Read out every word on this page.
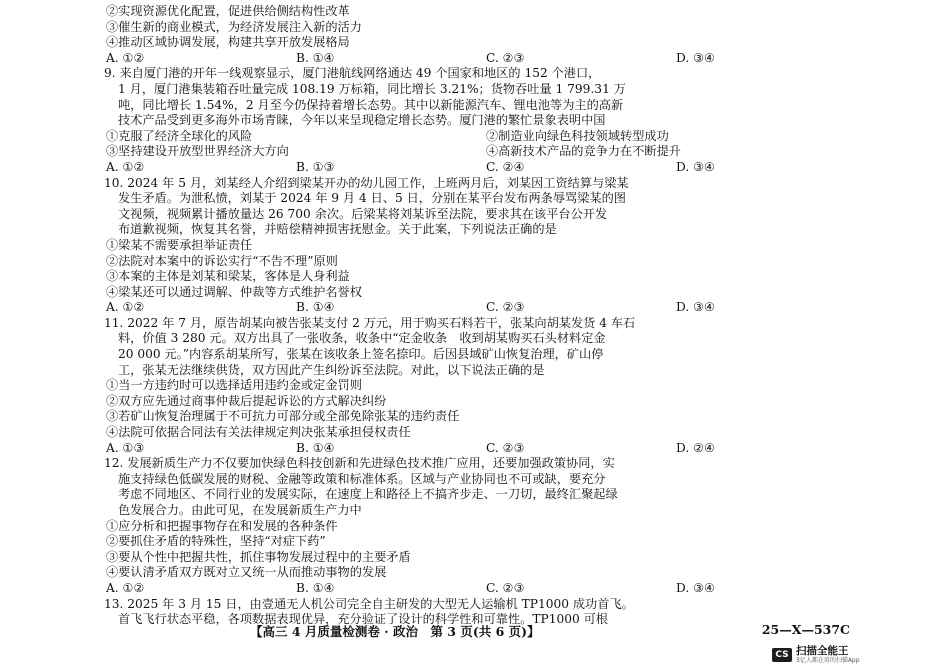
②实现资源优化配置，促进供给侧结构性改革
③催生新的商业模式，为经济发展注入新的活力
④推动区域协调发展，构建共享开放发展格局
A. ①②	B. ①④	C. ②③	D. ③④
9. 来自厦门港的开年一线观察显示，厦门港航线网络通达 49 个国家和地区的 152 个港口，
1 月，厦门港集装箱吞吐量完成 108.19 万标箱，同比增长 3.21%；货物吞吐量 1 799.31 万
吨，同比增长 1.54%，2 月至今仍保持着增长态势。其中以新能源汽车、锂电池等为主的高新
技术产品受到更多海外市场青睐，今年以来呈现稳定增长态势。厦门港的繁忙景象表明中国
①克服了经济全球化的风险	②制造业向绿色科技领域转型成功
③坚持建设开放型世界经济大方向	④高新技术产品的竞争力在不断提升
A. ①②	B. ①③	C. ②④	D. ③④
10. 2024 年 5 月，刘某经人介绍到梁某开办的幼儿园工作，上班两月后，刘某因工资结算与梁某
发生矛盾。为泄私愤，刘某于 2024 年 9 月 4 日、5 日，分别在某平台发布两条辱骂梁某的图
文视频，视频累计播放量达 26 700 余次。后梁某将刘某诉至法院，要求其在该平台公开发
布道歉视频，恢复其名誉，并赔偿精神损害抚慰金。关于此案，下列说法正确的是
①梁某不需要承担举证责任
②法院对本案中的诉讼实行“不告不理”原则
③本案的主体是刘某和梁某，客体是人身利益
④梁某还可以通过调解、仲裁等方式维护名誉权
A. ①②	B. ①④	C. ②③	D. ③④
11. 2022 年 7 月，原告胡某向被告张某支付 2 万元，用于购买石料若干，张某向胡某发货 4 车石
料，价值 3 280 元。双方出具了一张收条，收条中“定金收条　收到胡某购买石头材料定金
20 000 元。”内容系胡某所写，张某在该收条上签名捺印。后因县域矿山恢复治理，矿山停
工，张某无法继续供货，双方因此产生纠纷诉至法院。对此，以下说法正确的是
①当一方违约时可以选择适用违约金或定金罚则
②双方应先通过商事仲裁后提起诉讼的方式解决纠纷
③若矿山恢复治理属于不可抗力可部分或全部免除张某的违约责任
④法院可依据合同法有关法律规定判决张某承担侵权责任
A. ①③	B. ①④	C. ②③	D. ②④
12. 发展新质生产力不仅要加快绿色科技创新和先进绿色技术推广应用，还要加强政策协同，实
施支持绿色低碳发展的财税、金融等政策和标准体系。区域与产业协同也不可或缺，要充分
考虑不同地区、不同行业的发展实际，在速度上和路径上不搞齐步走、一刀切，最终汇聚起绿
色发展合力。由此可见，在发展新质生产力中
①应分析和把握事物存在和发展的各种条件
②要抓住矛盾的特殊性，坚持“对症下药”
③要从个性中把握共性，抓住事物发展过程中的主要矛盾
④要认清矛盾双方既对立又统一从而推动事物的发展
A. ①②	B. ①④	C. ②③	D. ③④
13. 2025 年 3 月 15 日，由壹通无人机公司完全自主研发的大型无人运输机 TP1000 成功首飞。
首飞飞行状态平稳，各项数据表现优异，充分验证了设计的科学性和可靠性。TP1000 可根
【高三 4 月质量检测卷 · 政治　第 3 页(共 6 页)】	25—X—537C
CS 扫描全能王
3亿人都在用的扫描App
